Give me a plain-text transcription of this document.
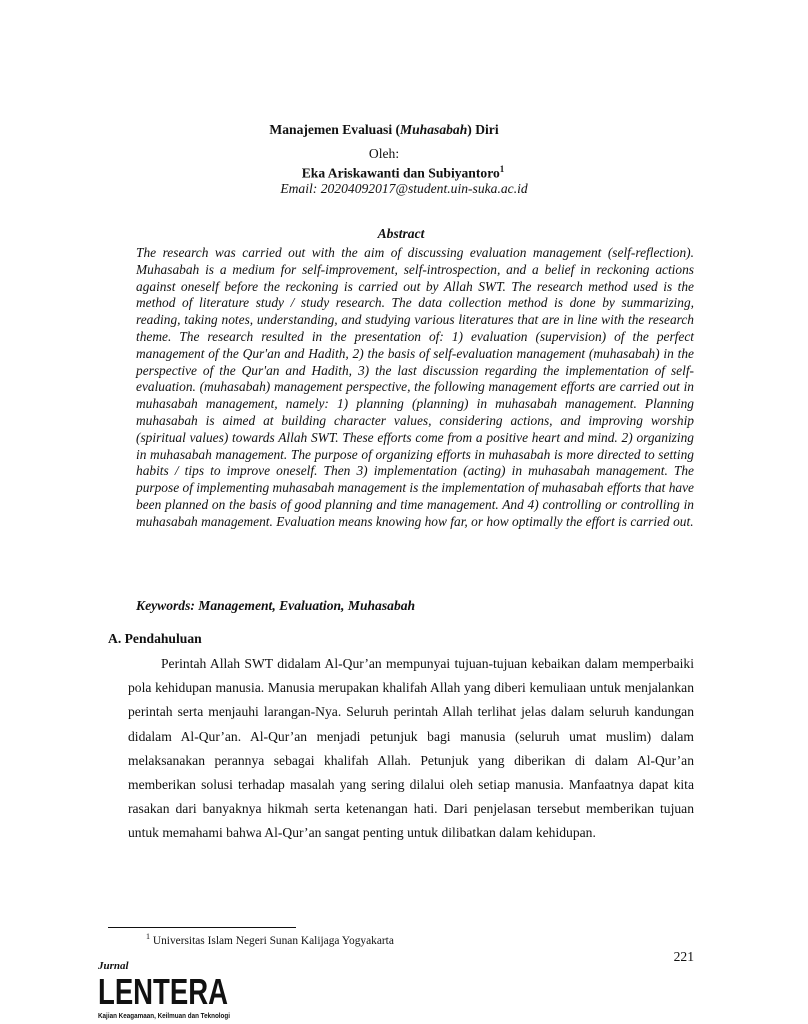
Manajemen Evaluasi (Muhasabah) Diri
Oleh:
Eka Ariskawanti dan Subiyantoro$^1$
Email: 20204092017@student.uin-suka.ac.id
Abstract
The research was carried out with the aim of discussing evaluation management (self-reflection). Muhasabah is a medium for self-improvement, self-introspection, and a belief in reckoning actions against oneself before the reckoning is carried out by Allah SWT. The research method used is the method of literature study / study research. The data collection method is done by summarizing, reading, taking notes, understanding, and studying various literatures that are in line with the research theme. The research resulted in the presentation of: 1) evaluation (supervision) of the perfect management of the Qur'an and Hadith, 2) the basis of self-evaluation management (muhasabah) in the perspective of the Qur'an and Hadith, 3) the last discussion regarding the implementation of self-evaluation. (muhasabah) management perspective, the following management efforts are carried out in muhasabah management, namely: 1) planning (planning) in muhasabah management. Planning muhasabah is aimed at building character values, considering actions, and improving worship (spiritual values) towards Allah SWT. These efforts come from a positive heart and mind. 2) organizing in muhasabah management. The purpose of organizing efforts in muhasabah is more directed to setting habits / tips to improve oneself. Then 3) implementation (acting) in muhasabah management. The purpose of implementing muhasabah management is the implementation of muhasabah efforts that have been planned on the basis of good planning and time management. And 4) controlling or controlling in muhasabah management. Evaluation means knowing how far, or how optimally the effort is carried out.
Keywords: Management, Evaluation, Muhasabah
A. Pendahuluan
Perintah Allah SWT didalam Al-Qur’an mempunyai tujuan-tujuan kebaikan dalam memperbaiki pola kehidupan manusia. Manusia merupakan khalifah Allah yang diberi kemuliaan untuk menjalankan perintah serta menjauhi larangan-Nya. Seluruh perintah Allah terlihat jelas dalam seluruh kandungan didalam Al-Qur’an. Al-Qur’an menjadi petunjuk bagi manusia (seluruh umat muslim) dalam melaksanakan perannya sebagai khalifah Allah. Petunjuk yang diberikan di dalam Al-Qur’an memberikan solusi terhadap masalah yang sering dilalui oleh setiap manusia. Manfaatnya dapat kita rasakan dari banyaknya hikmah serta ketenangan hati. Dari penjelasan tersebut memberikan tujuan untuk memahami bahwa Al-Qur’an sangat penting untuk dilibatkan dalam kehidupan.
$^1$ Universitas Islam Negeri Sunan Kalijaga Yogyakarta
221
Jurnal
LENTERA
Kajian Keagamaan, Keilmuan dan Teknologi
